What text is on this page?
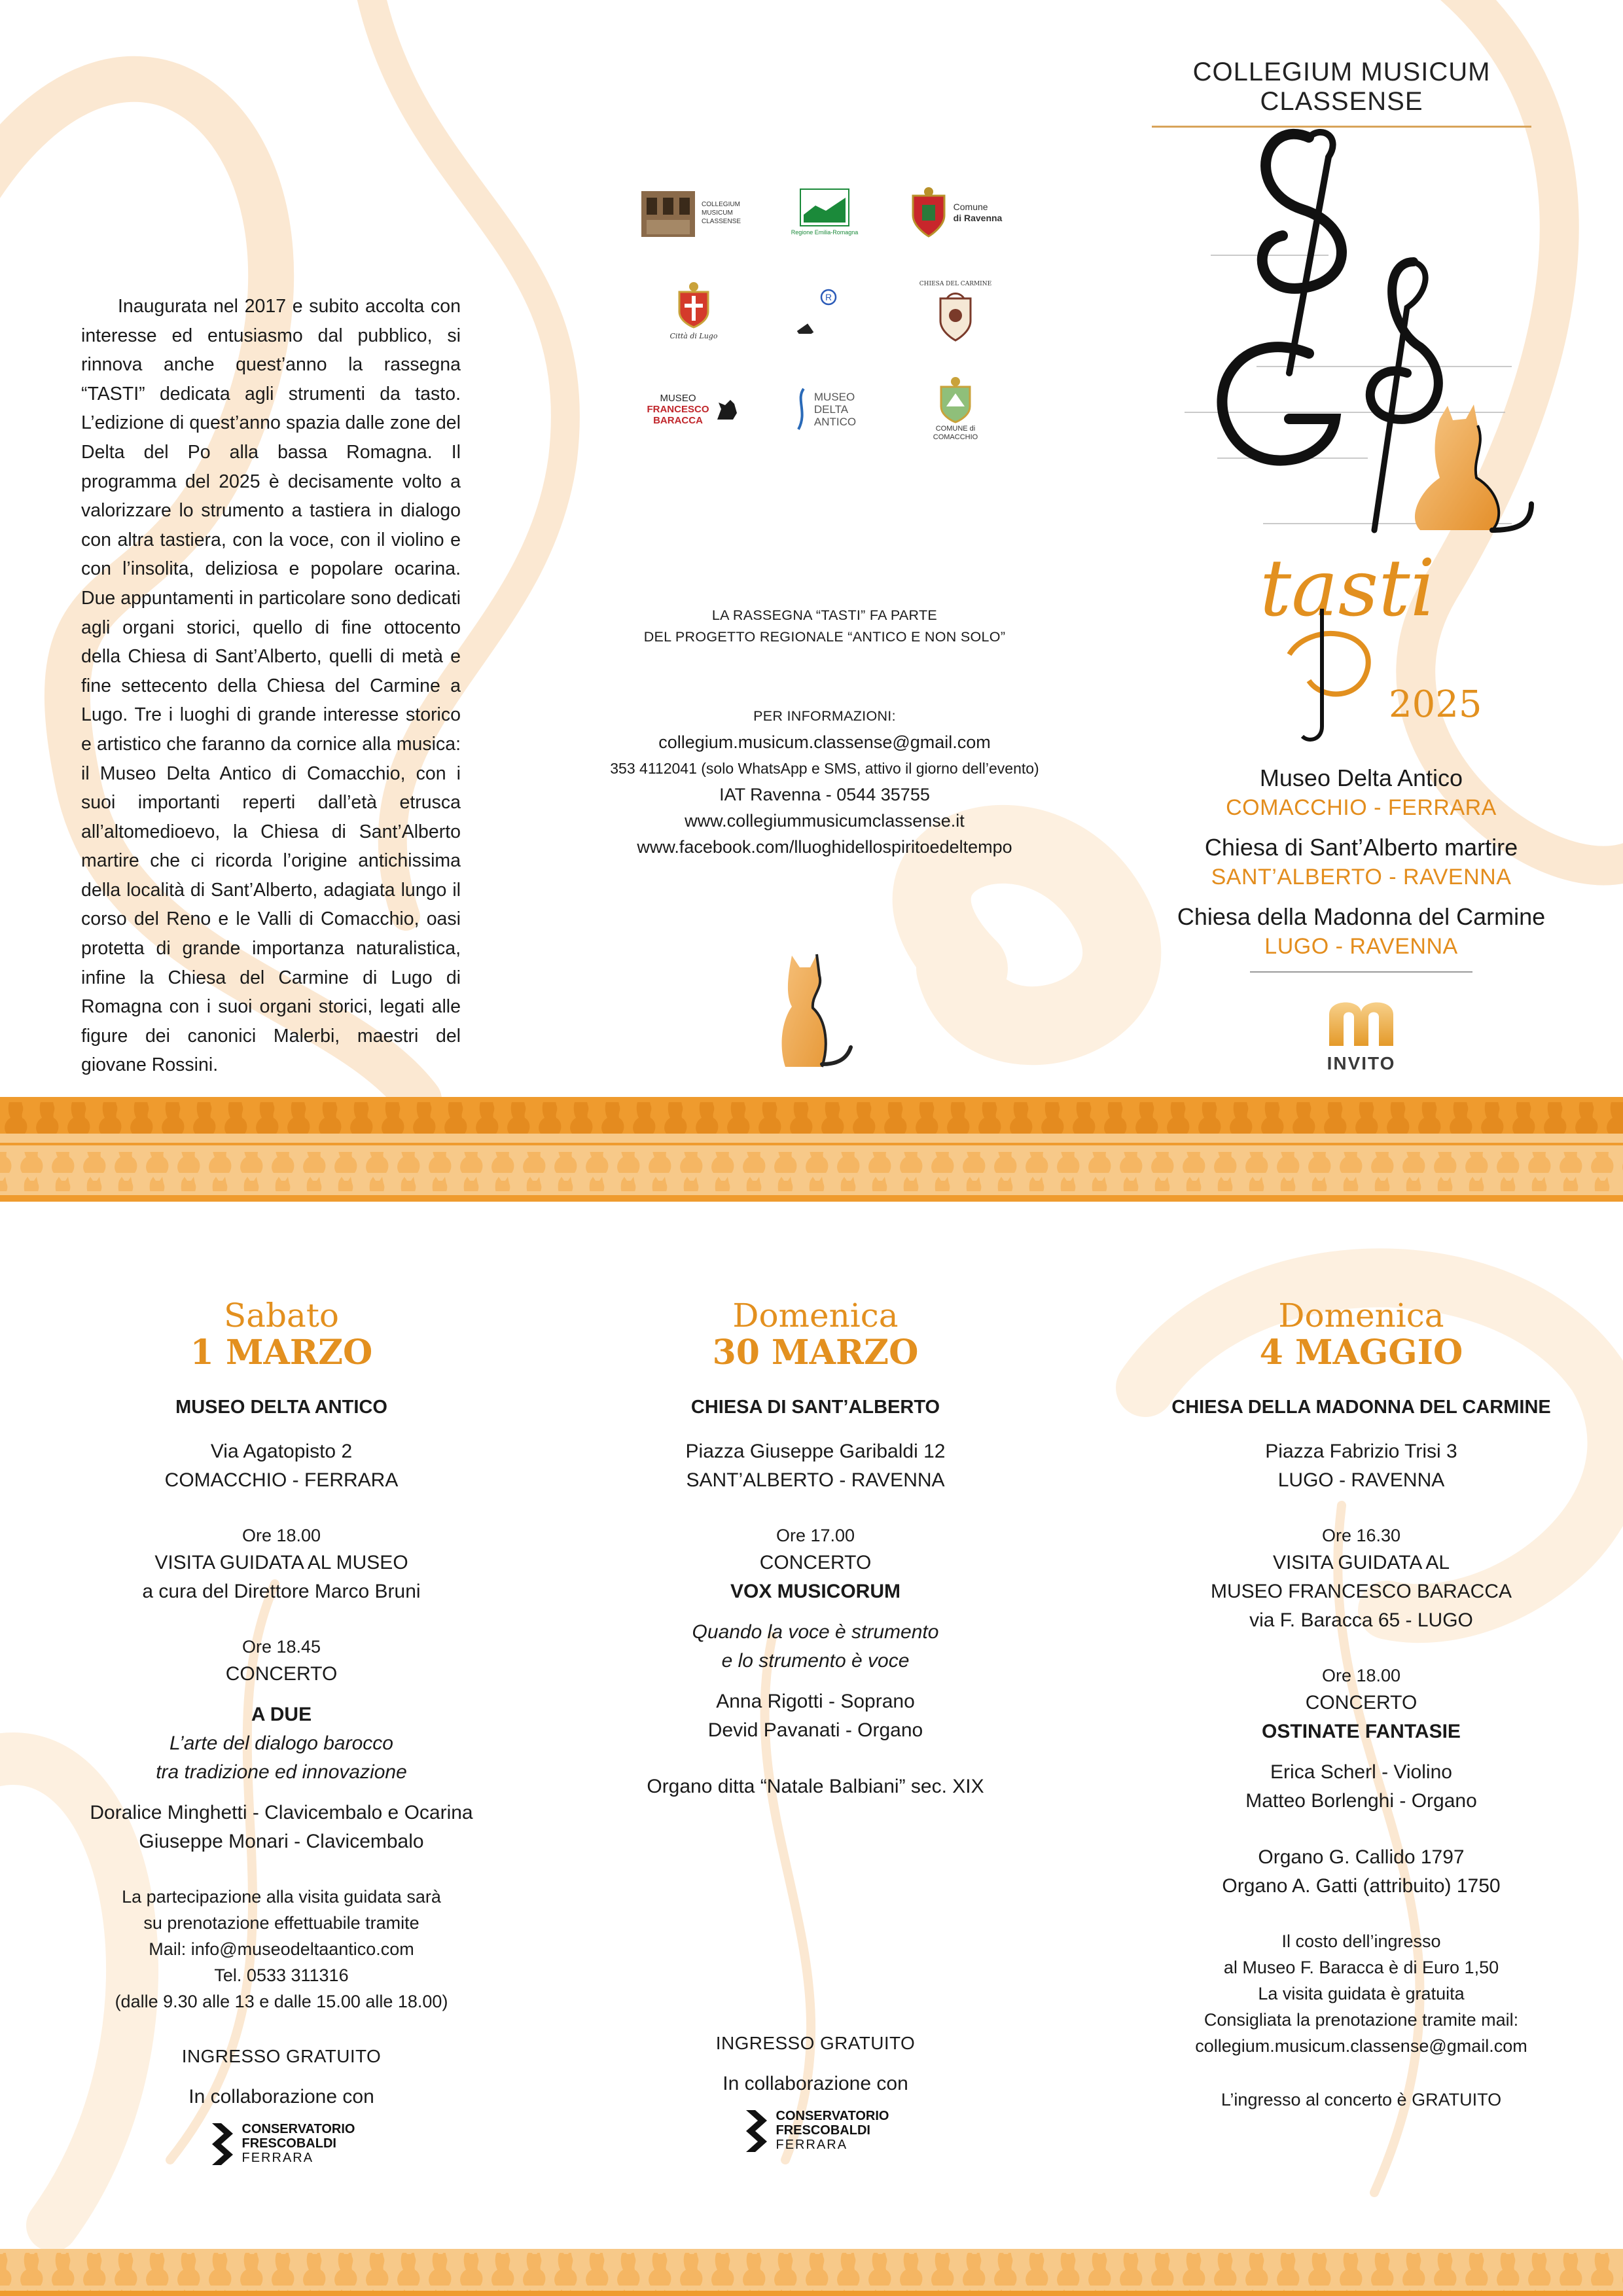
COLLEGIUM MUSICUM CLASSENSE

Inaugurata nel 2017 e subito accolta con interesse ed entusiasmo dal pubblico, si rinnova anche quest’anno la rassegna “TASTI” dedicata agli strumenti da tasto. L’edizione di quest’anno spazia dalle zone del Delta del Po alla bassa Romagna. Il programma del 2025 è decisamente volto a valorizzare lo strumento a tastiera in dialogo con altra tastiera, con la voce, con il violino e con l’insolita, deliziosa e popolare ocarina. Due appuntamenti in particolare sono dedicati agli organi storici, quello di fine ottocento della Chiesa di Sant’Alberto, quelli di metà e fine settecento della Chiesa del Carmine a Lugo. Tre i luoghi di grande interesse storico e artistico che faranno da cornice alla musica: il Museo Delta Antico di Comacchio, con i suoi importanti reperti dall’età etrusca all’altomedioevo, la Chiesa di Sant’Alberto martire che ci ricorda l’origine antichissima della località di Sant’Alberto, adagiata lungo il corso del Reno e le Valli di Comacchio, oasi protetta di grande importanza naturalistica, infine la Chiesa del Carmine di Lugo di Romagna con i suoi organi storici, legati alle figure dei canonici Malerbi, maestri del giovane Rossini.

COLLEGIUM MUSICUM CLASSENSE
Regione Emilia-Romagna
Comune
di Ravenna
Città di Lugo
R
CHIESA DEL CARMINE
MUSEO
FRANCESCO
BARACCA
MUSEO
DELTA
ANTICO
COMUNE di
COMACCHIO
LA RASSEGNA “TASTI” FA PARTE
DEL PROGETTO REGIONALE “ANTICO E NON SOLO”
PER INFORMAZIONI:
collegium.musicum.classense@gmail.com
353 4112041 (solo WhatsApp e SMS, attivo il giorno dell’evento)
IAT Ravenna - 0544 35755
www.collegiummusicumclassense.it
www.facebook.com/lluoghidellospiritoedeltempo
tasti
2025
Museo Delta Antico
COMACCHIO - FERRARA
Chiesa di Sant’Alberto martire
SANT’ALBERTO - RAVENNA
Chiesa della Madonna del Carmine
LUGO - RAVENNA
INVITO
Sabato
1 MARZO
MUSEO DELTA ANTICO
Via Agatopisto 2
COMACCHIO - FERRARA
Ore 18.00
VISITA GUIDATA AL MUSEO
a cura del Direttore Marco Bruni
Ore 18.45
CONCERTO
A DUE
L’arte del dialogo barocco
tra tradizione ed innovazione
Doralice Minghetti - Clavicembalo e Ocarina
Giuseppe Monari - Clavicembalo
La partecipazione alla visita guidata sarà
su prenotazione effettuabile tramite
Mail: info@museodeltaantico.com
Tel. 0533 311316
(dalle 9.30 alle 13 e dalle 15.00 alle 18.00)
INGRESSO GRATUITO
In collaborazione con
CONSERVATORIO
FRESCOBALDI
FERRARA
Domenica
30 MARZO
CHIESA DI SANT’ALBERTO
Piazza Giuseppe Garibaldi 12
SANT’ALBERTO - RAVENNA
Ore 17.00
CONCERTO
VOX MUSICORUM
Quando la voce è strumento
e lo strumento è voce
Anna Rigotti - Soprano
Devid Pavanati - Organo
Organo ditta “Natale Balbiani” sec. XIX
INGRESSO GRATUITO
In collaborazione con
CONSERVATORIO
FRESCOBALDI
FERRARA
Domenica
4 MAGGIO
CHIESA DELLA MADONNA DEL CARMINE
Piazza Fabrizio Trisi 3
LUGO - RAVENNA
Ore 16.30
VISITA GUIDATA AL
MUSEO FRANCESCO BARACCA
via F. Baracca 65 - LUGO
Ore 18.00
CONCERTO
OSTINATE FANTASIE
Erica Scherl - Violino
Matteo Borlenghi - Organo
Organo G. Callido 1797
Organo A. Gatti (attribuito) 1750
Il costo dell’ingresso
al Museo F. Baracca è di Euro 1,50
La visita guidata è gratuita
Consigliata la prenotazione tramite mail:
collegium.musicum.classense@gmail.com
L’ingresso al concerto è GRATUITO
